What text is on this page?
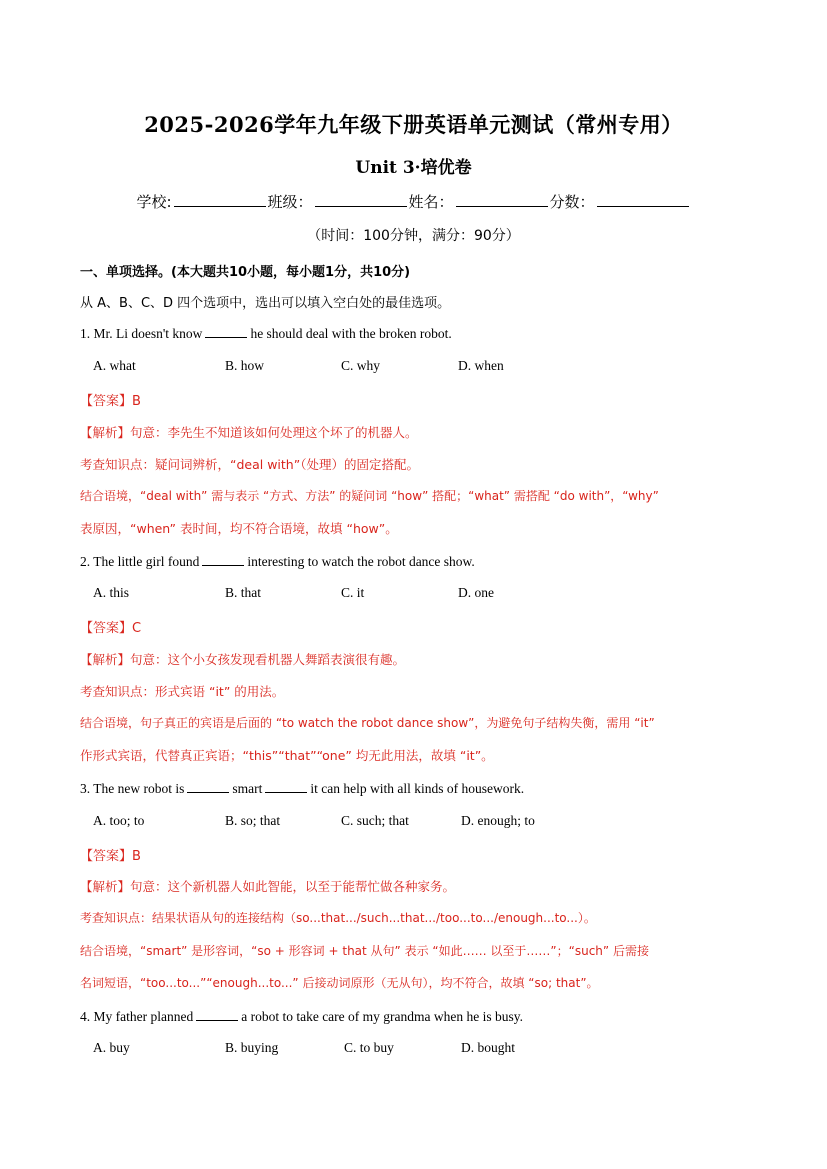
2025-2026学年九年级下册英语单元测试（常州专用）
Unit 3·培优卷
学校:	班级：	姓名：	分数：
（时间：100分钟，满分：90分）
一、单项选择。(本大题共10小题，每小题1分，共10分)
从 A、B、C、D 四个选项中，选出可以填入空白处的最佳选项。
1. Mr. Li doesn't know	he should deal with the broken robot.
A. what	B. how	C. why	D. when
【答案】B
【解析】句意：李先生不知道该如何处理这个坏了的机器人。
考查知识点：疑问词辨析，“deal with”（处理）的固定搭配。
结合语境，“deal with” 需与表示 “方式、方法” 的疑问词 “how” 搭配；“what” 需搭配 “do with”，“why”
表原因，“when” 表时间，均不符合语境，故填 “how”。
2. The little girl found	interesting to watch the robot dance show.
A. this	B. that	C. it	D. one
【答案】C
【解析】句意：这个小女孩发现看机器人舞蹈表演很有趣。
考查知识点：形式宾语 “it” 的用法。
结合语境，句子真正的宾语是后面的 “to watch the robot dance show”，为避免句子结构失衡，需用 “it”
作形式宾语，代替真正宾语；“this”“that”“one” 均无此用法，故填 “it”。
3. The new robot is	smart	it can help with all kinds of housework.
A. too; to	B. so; that	C. such; that	D. enough; to
【答案】B
【解析】句意：这个新机器人如此智能，以至于能帮忙做各种家务。
考查知识点：结果状语从句的连接结构（so...that.../such...that.../too...to.../enough...to...）。
结合语境，“smart” 是形容词，“so + 形容词 + that 从句” 表示 “如此…… 以至于……”；“such” 后需接
名词短语，“too...to...”“enough...to...” 后接动词原形（无从句），均不符合，故填 “so; that”。
4. My father planned	a robot to take care of my grandma when he is busy.
A. buy	B. buying	C. to buy	D. bought
